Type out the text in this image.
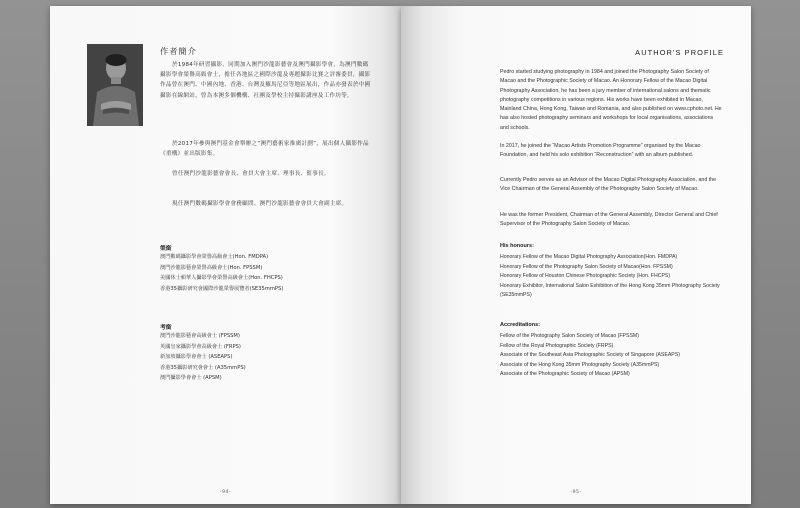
作者簡介

於1984年研習攝影，同期加入澳門沙龍影藝會及澳門攝影學會，為澳門數碼攝影學會榮譽高級會士，擔任各地區之國際沙龍及專題攝影比賽之評審委員，攝影作品曾在澳門、中國內地、香港、台灣及羅馬尼亞等地區展出，作品亦發表於中國攝影在線網站，曾為本澳多個機構、社團及學校主持攝影講座及工作坊等。

於2017年參與澳門基金會舉辦之“澳門藝術家推廣計劃”，展出個人攝影作品《重構》並出版影集。

曾任澳門沙龍影藝會會長、會員大會主席、理事長、監事長。

現任澳門數碼攝影學會會務顧問、澳門沙龍影藝會會員大會副主席。

榮銜
澳門數碼攝影學會榮譽高級會士(Hon. FMDPA)
澳門沙龍影藝會榮譽高級會士(Hon. FPSSM)
美國休士頓華人攝影學會榮譽高級會士(Hon. FHCPS)
香港35攝影研究會國際沙龍榮譽展覽者(SE35mmPS)
考銜
澳門沙龍影藝會高級會士 (FPSSM)
英國皇家攝影學會高級會士 (FRPS)
新加坡攝影學會會士 (ASEAPS)
香港35攝影研究會會士 (A35mmPS)
澳門攝影學會會士 (APSM)
-94-
AUTHOR'S PROFILE

Pedro started studying photography in 1984 and joined the Photography Salon Society of Macao and the Photographic Society of Macao. An Honorary Fellow of the Macao Digital Photography Association, he has been a jury member of international salons and thematic photography competitions in various regions. His works have been exhibited in Macao, Mainland China, Hong Kong, Taiwan and Romania, and also published on www.cphoto.net. He has also hosted photography seminars and workshops for local organisations, associations and schools.

In 2017, he joined the “Macao Artists Promotion Programme” organised by the Macao Foundation, and held his solo exhibition “Reconstruction” with an album published.

Currently Pedro serves as an Advisor of the Macao Digital Photography Association, and the Vice Chairman of the General Assembly of the Photography Salon Society of Macao.

He was the former President, Chairman of the General Assembly, Director General and Chief Supervisor of the Photography Salon Society of Macao.

His honours:
Honorary Fellow of the Macao Digital Photography Association(Hon. FMDPA)
Honorary Fellow of the Photography Salon Society of Macao(Hon. FPSSM)
Honorary Fellow of Houston Chinese Photographic Society (Hon. FHCPS)
Honorary Exhibitor, International Salon Exhibition of the Hong Kong 35mm Photography Society (SE35mmPS)
Accreditations:
Fellow of the Photography Salon Society of Macao (FPSSM)
Fellow of the Royal Photographic Society (FRPS)
Associate of the Southeast Asia Photographic Society of Singapore (ASEAPS)
Associate of the Hong Kong 35mm Photography Society (A35mmPS)
Associate of the Photographic Society of Macao (APSM)
-95-
